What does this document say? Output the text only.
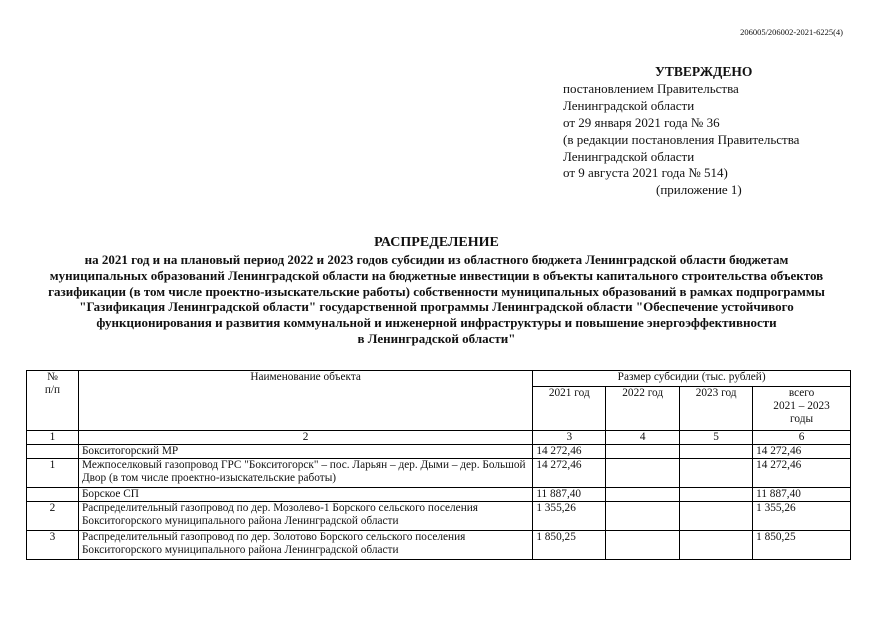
206005/206002-2021-6225(4)
УТВЕРЖДЕНО
постановлением Правительства
Ленинградской области
от 29 января 2021 года № 36
(в редакции постановления Правительства
Ленинградской области
от 9 августа 2021 года № 514)
(приложение 1)
РАСПРЕДЕЛЕНИЕ
на 2021 год и на плановый период 2022 и 2023 годов субсидии из областного бюджета Ленинградской области бюджетам
муниципальных образований Ленинградской области на бюджетные инвестиции в объекты капитального строительства объектов
газификации (в том числе проектно-изыскательские работы) собственности муниципальных образований в рамках подпрограммы
"Газификация Ленинградской области" государственной программы Ленинградской области "Обеспечение устойчивого
функционирования и развития коммунальной и инженерной инфраструктуры и повышение энергоэффективности
в Ленинградской области"
№
п/п	Наименование объекта	Размер субсидии (тыс. рублей)			
		2021 год	2022 год	2023 год	всего
2021 – 2023
годы

1	2	3	4	5	6
	Бокситогорский МР	14 272,46			14 272,46
1	Межпоселковый газопровод ГРС "Бокситогорск" – пос. Ларьян – дер. Дыми – дер. Большой Двор (в том числе проектно-изыскательские работы)	14 272,46			14 272,46
	Борское СП	11 887,40			11 887,40
2	Распределительный газопровод по дер. Мозолево-1 Борского сельского поселения Бокситогорского муниципального района Ленинградской области	1 355,26			1 355,26
3	Распределительный газопровод по дер. Золотово Борского сельского поселения Бокситогорского муниципального района Ленинградской области	1 850,25			1 850,25
